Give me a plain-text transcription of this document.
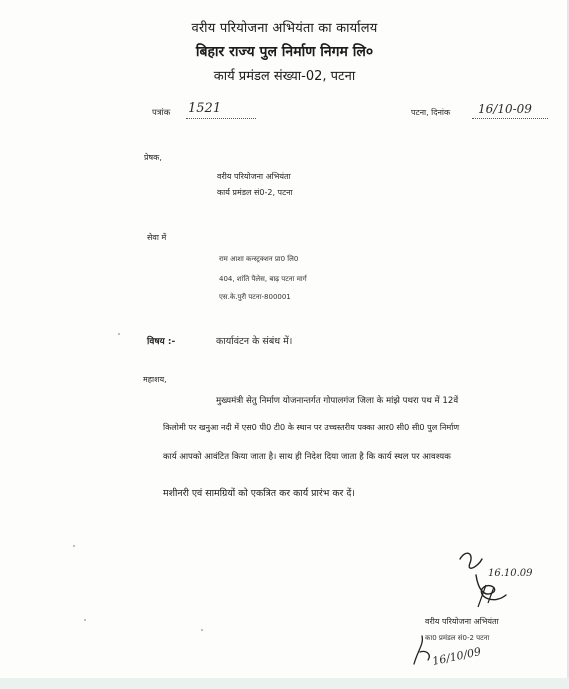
वरीय परियोजना अभियंता का कार्यालय
बिहार राज्य पुल निर्माण निगम लि०
कार्य प्रमंडल संख्या-02, पटना
पत्रांक 1521	पटना, दिनांक 16/10-09
प्रेषक,
वरीय परियोजना अभियंता
कार्य प्रमंडल सं0-2, पटना
सेवा में
राम आशा कन्स्ट्रक्शन प्रा0 लि0
404, शांति पैलेस, बाढ़ पटना मार्ग
एस.के.पुरी पटना-800001
विषय :-	कार्यावंटन के संबंध में।
महाशय,
मुख्यमंत्री सेतु निर्माण योजनान्तर्गत गोपालगंज जिला के मांझे पथरा पथ में 12वें
किलोमी पर खनुआ नदी में एस0 पी0 टी0 के स्थान पर उच्चस्तरीय पक्का आर0 सी0 सी0 पुल निर्माण
कार्य आपको आवंटित किया जाता है। साथ ही निदेश दिया जाता है कि कार्य स्थल पर आवश्यक
मशीनरी एवं सामग्रियों को एकत्रित कर कार्य प्रारंभ कर दें।
16.10.09
वरीय परियोजना अभियंता
का0 प्रमंडल सं0-2 पटना
16/10/09
